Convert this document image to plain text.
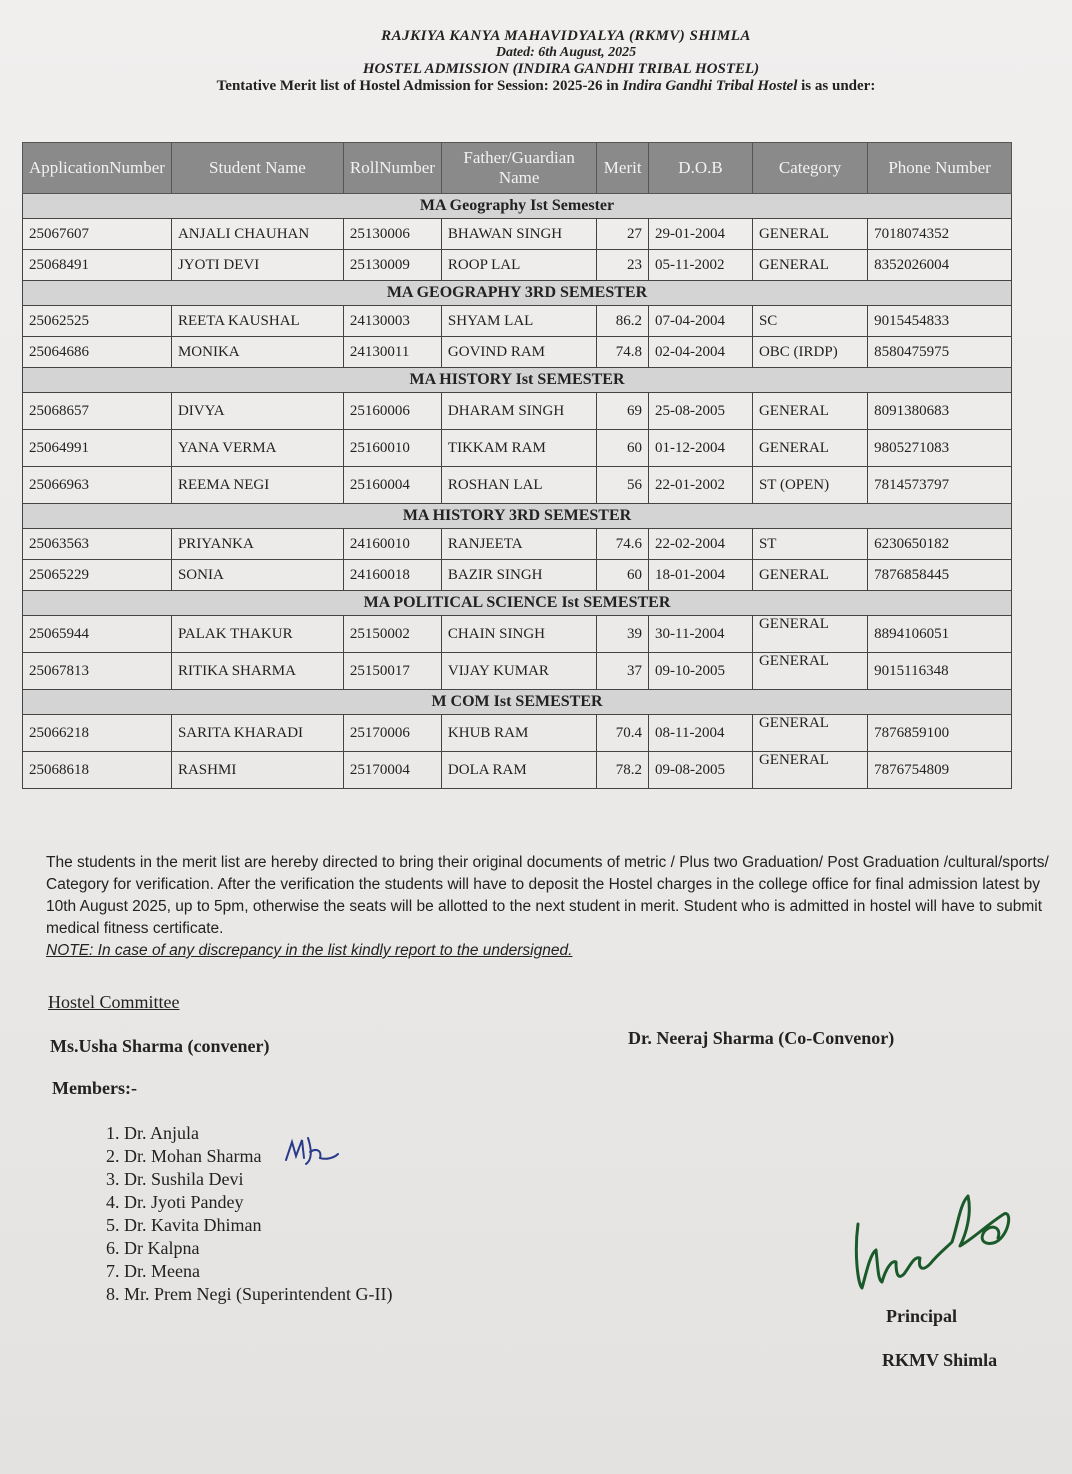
RAJKIYA KANYA MAHAVIDYALYA (RKMV) SHIMLA
Dated: 6th August, 2025
HOSTEL ADMISSION (INDIRA GANDHI TRIBAL HOSTEL)
Tentative Merit list of Hostel Admission for Session: 2025-26 in Indira Gandhi Tribal Hostel is as under:
ApplicationNumber	Student Name	RollNumber	Father/Guardian Name	Merit	D.O.B	Category	Phone Number
MA Geography Ist Semester							
25067607	ANJALI CHAUHAN	25130006	BHAWAN SINGH	27	29-01-2004	GENERAL	7018074352
25068491	JYOTI DEVI	25130009	ROOP LAL	23	05-11-2002	GENERAL	8352026004
MA GEOGRAPHY 3RD SEMESTER							
25062525	REETA KAUSHAL	24130003	SHYAM LAL	86.2	07-04-2004	SC	9015454833
25064686	MONIKA	24130011	GOVIND RAM	74.8	02-04-2004	OBC (IRDP)	8580475975
MA HISTORY Ist SEMESTER							
25068657	DIVYA	25160006	DHARAM SINGH	69	25-08-2005	GENERAL	8091380683
25064991	YANA VERMA	25160010	TIKKAM RAM	60	01-12-2004	GENERAL	9805271083
25066963	REEMA NEGI	25160004	ROSHAN LAL	56	22-01-2002	ST (OPEN)	7814573797
MA HISTORY 3RD SEMESTER							
25063563	PRIYANKA	24160010	RANJEETA	74.6	22-02-2004	ST	6230650182
25065229	SONIA	24160018	BAZIR SINGH	60	18-01-2004	GENERAL	7876858445
MA POLITICAL SCIENCE Ist SEMESTER							
25065944	PALAK THAKUR	25150002	CHAIN SINGH	39	30-11-2004	GENERAL	8894106051
25067813	RITIKA SHARMA	25150017	VIJAY KUMAR	37	09-10-2005	GENERAL	9015116348
M COM Ist SEMESTER							
25066218	SARITA KHARADI	25170006	KHUB RAM	70.4	08-11-2004	GENERAL	7876859100
25068618	RASHMI	25170004	DOLA RAM	78.2	09-08-2005	GENERAL	7876754809
The students in the merit list are hereby directed to bring their original documents of metric / Plus two Graduation/ Post Graduation /cultural/sports/ Category for verification. After the verification the students will have to deposit the Hostel charges in the college office for final admission latest by 10th August 2025, up to 5pm, otherwise the seats will be allotted to the next student in merit. Student who is admitted in hostel will have to submit medical fitness certificate.
NOTE: In case of any discrepancy in the list kindly report to the undersigned.
Hostel Committee
Ms.Usha Sharma (convener)	Dr. Neeraj Sharma (Co-Convenor)
Members:-
1. Dr. Anjula
2. Dr. Mohan Sharma
3. Dr. Sushila Devi
4. Dr. Jyoti Pandey
5. Dr. Kavita Dhiman
6. Dr Kalpna
7. Dr. Meena
8. Mr. Prem Negi (Superintendent G-II)
Principal
RKMV Shimla
